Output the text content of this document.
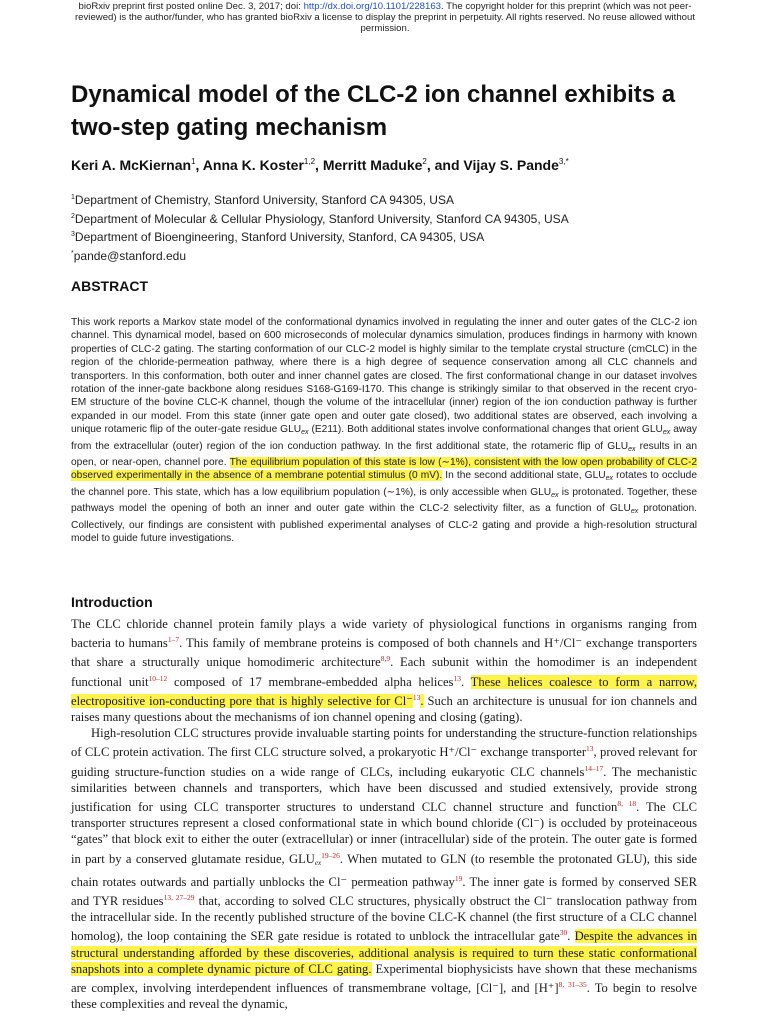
bioRxiv preprint first posted online Dec. 3, 2017; doi: http://dx.doi.org/10.1101/228163. The copyright holder for this preprint (which was not peer-reviewed) is the author/funder, who has granted bioRxiv a license to display the preprint in perpetuity. All rights reserved. No reuse allowed without permission.
Dynamical model of the CLC-2 ion channel exhibits a two-step gating mechanism
Keri A. McKiernan$^1$, Anna K. Koster$^{1,2}$, Merritt Maduke$^2$, and Vijay S. Pande$^{3,*}$
$^1$Department of Chemistry, Stanford University, Stanford CA 94305, USA
$^2$Department of Molecular & Cellular Physiology, Stanford University, Stanford CA 94305, USA
$^3$Department of Bioengineering, Stanford University, Stanford, CA 94305, USA
*pande@stanford.edu
ABSTRACT

This work reports a Markov state model of the conformational dynamics involved in regulating the inner and outer gates of the CLC-2 ion channel. This dynamical model, based on 600 microseconds of molecular dynamics simulation, produces findings in harmony with known properties of CLC-2 gating. The starting conformation of our CLC-2 model is highly similar to the template crystal structure (cmCLC) in the region of the chloride-permeation pathway, where there is a high degree of sequence conservation among all CLC channels and transporters. In this conformation, both outer and inner channel gates are closed. The first conformational change in our dataset involves rotation of the inner-gate backbone along residues S168-G169-I170. This change is strikingly similar to that observed in the recent cryo-EM structure of the bovine CLC-K channel, though the volume of the intracellular (inner) region of the ion conduction pathway is further expanded in our model. From this state (inner gate open and outer gate closed), two additional states are observed, each involving a unique rotameric flip of the outer-gate residue $GLU_{ex}$ (E211). Both additional states involve conformational changes that orient $GLU_{ex}$ away from the extracellular (outer) region of the ion conduction pathway. In the first additional state, the rotameric flip of $GLU_{ex}$ results in an open, or near-open, channel pore. The equilibrium population of this state is low (∼1%), consistent with the low open probability of CLC-2 observed experimentally in the absence of a membrane potential stimulus (0 mV). In the second additional state, $GLU_{ex}$ rotates to occlude the channel pore. This state, which has a low equilibrium population (∼1%), is only accessible when $GLU_{ex}$ is protonated. Together, these pathways model the opening of both an inner and outer gate within the CLC-2 selectivity filter, as a function of $GLU_{ex}$ protonation. Collectively, our findings are consistent with published experimental analyses of CLC-2 gating and provide a high-resolution structural model to guide future investigations.

Introduction

The CLC chloride channel protein family plays a wide variety of physiological functions in organisms ranging from bacteria to humans$^{1-7}$. This family of membrane proteins is composed of both channels and H⁺/Cl⁻ exchange transporters that share a structurally unique homodimeric architecture$^{8,9}$. Each subunit within the homodimer is an independent functional unit$^{10-12}$ composed of 17 membrane-embedded alpha helices$^{13}$. These helices coalesce to form a narrow, electropositive ion-conducting pore that is highly selective for Cl⁻$^{13}$. Such an architecture is unusual for ion channels and raises many questions about the mechanisms of ion channel opening and closing (gating).

High-resolution CLC structures provide invaluable starting points for understanding the structure-function relationships of CLC protein activation. The first CLC structure solved, a prokaryotic H⁺/Cl⁻ exchange transporter$^{13}$, proved relevant for guiding structure-function studies on a wide range of CLCs, including eukaryotic CLC channels$^{14-17}$. The mechanistic similarities between channels and transporters, which have been discussed and studied extensively, provide strong justification for using CLC transporter structures to understand CLC channel structure and function$^{8, 18}$. The CLC transporter structures represent a closed conformational state in which bound chloride (Cl⁻) is occluded by proteinaceous “gates” that block exit to either the outer (extracellular) or inner (intracellular) side of the protein. The outer gate is formed in part by a conserved glutamate residue, $GLU_{ex}^{19-26}$. When mutated to GLN (to resemble the protonated GLU), this side chain rotates outwards and partially unblocks the Cl⁻ permeation pathway$^{19}$. The inner gate is formed by conserved SER and TYR residues$^{13, 27-29}$ that, according to solved CLC structures, physically obstruct the Cl⁻ translocation pathway from the intracellular side. In the recently published structure of the bovine CLC-K channel (the first structure of a CLC channel homolog), the loop containing the SER gate residue is rotated to unblock the intracellular gate$^{30}$. Despite the advances in structural understanding afforded by these discoveries, additional analysis is required to turn these static conformational snapshots into a complete dynamic picture of CLC gating. Experimental biophysicists have shown that these mechanisms are complex, involving interdependent influences of transmembrane voltage, [Cl⁻], and $[H^+]^{8, 31-35}$. To begin to resolve these complexities and reveal the dynamic,
